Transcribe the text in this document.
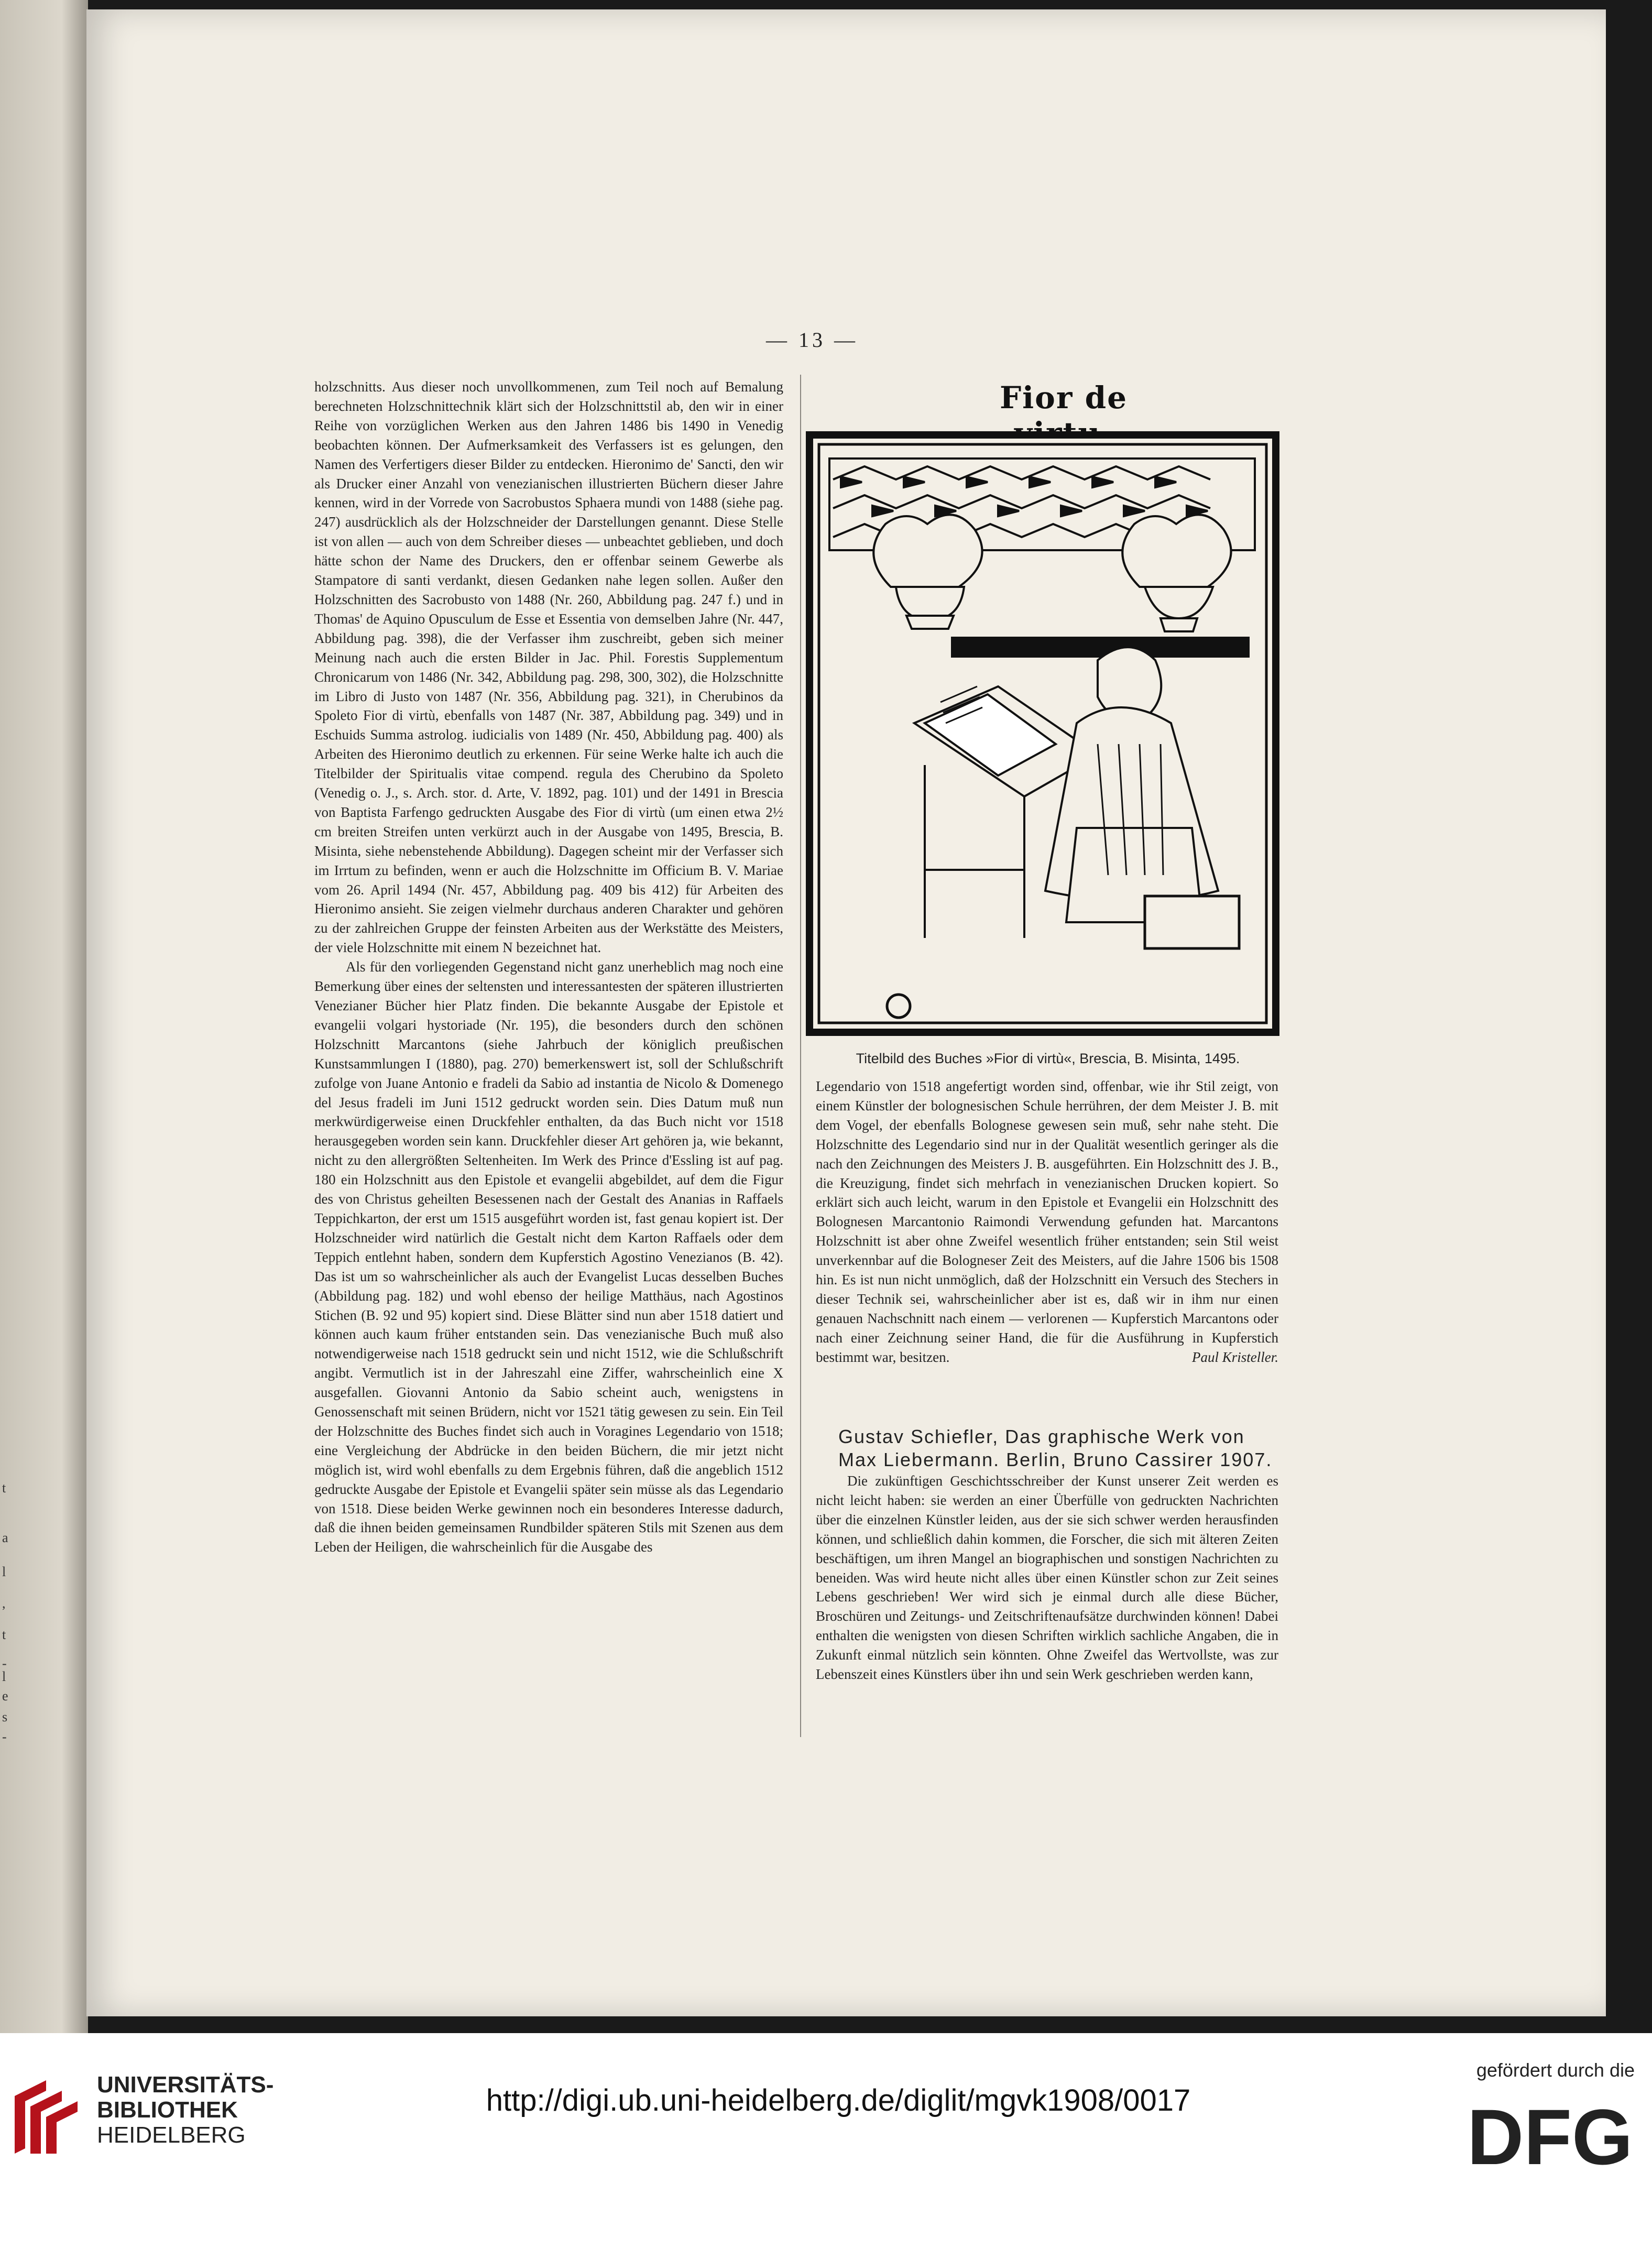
t
a
l
,
t
-
l
e
s
-
— 13 —

holzschnitts. Aus dieser noch unvollkommenen, zum Teil noch auf Bemalung berechneten Holzschnittechnik klärt sich der Holzschnittstil ab, den wir in einer Reihe von vorzüglichen Werken aus den Jahren 1486 bis 1490 in Venedig beobachten können. Der Aufmerksamkeit des Verfassers ist es gelungen, den Namen des Verfertigers dieser Bilder zu entdecken. Hieronimo de' Sancti, den wir als Drucker einer Anzahl von venezianischen illustrierten Büchern dieser Jahre kennen, wird in der Vorrede von Sacrobustos Sphaera mundi von 1488 (siehe pag. 247) ausdrücklich als der Holzschneider der Darstellungen genannt. Diese Stelle ist von allen — auch von dem Schreiber dieses — unbeachtet geblieben, und doch hätte schon der Name des Druckers, den er offenbar seinem Gewerbe als Stampatore di santi verdankt, diesen Gedanken nahe legen sollen. Außer den Holzschnitten des Sacrobusto von 1488 (Nr. 260, Abbildung pag. 247 f.) und in Thomas' de Aquino Opusculum de Esse et Essentia von demselben Jahre (Nr. 447, Abbildung pag. 398), die der Verfasser ihm zuschreibt, geben sich meiner Meinung nach auch die ersten Bilder in Jac. Phil. Forestis Supplementum Chronicarum von 1486 (Nr. 342, Abbildung pag. 298, 300, 302), die Holzschnitte im Libro di Justo von 1487 (Nr. 356, Abbildung pag. 321), in Cherubinos da Spoleto Fior di virtù, ebenfalls von 1487 (Nr. 387, Abbildung pag. 349) und in Eschuids Summa astrolog. iudicialis von 1489 (Nr. 450, Abbildung pag. 400) als Arbeiten des Hieronimo deutlich zu erkennen. Für seine Werke halte ich auch die Titelbilder der Spiritualis vitae compend. regula des Cherubino da Spoleto (Venedig o. J., s. Arch. stor. d. Arte, V. 1892, pag. 101) und der 1491 in Brescia von Baptista Farfengo gedruckten Ausgabe des Fior di virtù (um einen etwa 2½ cm breiten Streifen unten verkürzt auch in der Ausgabe von 1495, Brescia, B. Misinta, siehe nebenstehende Abbildung). Dagegen scheint mir der Verfasser sich im Irrtum zu befinden, wenn er auch die Holzschnitte im Officium B. V. Mariae vom 26. April 1494 (Nr. 457, Abbildung pag. 409 bis 412) für Arbeiten des Hieronimo ansieht. Sie zeigen vielmehr durchaus anderen Charakter und gehören zu der zahlreichen Gruppe der feinsten Arbeiten aus der Werkstätte des Meisters, der viele Holzschnitte mit einem N bezeichnet hat.

Als für den vorliegenden Gegenstand nicht ganz unerheblich mag noch eine Bemerkung über eines der seltensten und interessantesten der späteren illustrierten Venezianer Bücher hier Platz finden. Die bekannte Ausgabe der Epistole et evangelii volgari hystoriade (Nr. 195), die besonders durch den schönen Holzschnitt Marcantons (siehe Jahrbuch der königlich preußischen Kunstsammlungen I (1880), pag. 270) bemerkenswert ist, soll der Schlußschrift zufolge von Juane Antonio e fradeli da Sabio ad instantia de Nicolo & Domenego del Jesus fradeli im Juni 1512 gedruckt worden sein. Dies Datum muß nun merkwürdigerweise einen Druckfehler enthalten, da das Buch nicht vor 1518 herausgegeben worden sein kann. Druckfehler dieser Art gehören ja, wie bekannt, nicht zu den allergrößten Seltenheiten. Im Werk des Prince d'Essling ist auf pag. 180 ein Holzschnitt aus den Epistole et evangelii abgebildet, auf dem die Figur des von Christus geheilten Besessenen nach der Gestalt des Ananias in Raffaels Teppichkarton, der erst um 1515 ausgeführt worden ist, fast genau kopiert ist. Der Holzschneider wird natürlich die Gestalt nicht dem Karton Raffaels oder dem Teppich entlehnt haben, sondern dem Kupferstich Agostino Venezianos (B. 42). Das ist um so wahrscheinlicher als auch der Evangelist Lucas desselben Buches (Abbildung pag. 182) und wohl ebenso der heilige Matthäus, nach Agostinos Stichen (B. 92 und 95) kopiert sind. Diese Blätter sind nun aber 1518 datiert und können auch kaum früher entstanden sein. Das venezianische Buch muß also notwendigerweise nach 1518 gedruckt sein und nicht 1512, wie die Schlußschrift angibt. Vermutlich ist in der Jahreszahl eine Ziffer, wahrscheinlich eine X ausgefallen. Giovanni Antonio da Sabio scheint auch, wenigstens in Genossenschaft mit seinen Brüdern, nicht vor 1521 tätig gewesen zu sein. Ein Teil der Holzschnitte des Buches findet sich auch in Voragines Legendario von 1518; eine Vergleichung der Abdrücke in den beiden Büchern, die mir jetzt nicht möglich ist, wird wohl ebenfalls zu dem Ergebnis führen, daß die angeblich 1512 gedruckte Ausgabe der Epistole et Evangelii später sein müsse als das Legendario von 1518. Diese beiden Werke gewinnen noch ein besonderes Interesse dadurch, daß die ihnen beiden gemeinsamen Rundbilder späteren Stils mit Szenen aus dem Leben der Heiligen, die wahrscheinlich für die Ausgabe des

Fior de
Titelbild des Buches »Fior di virtù«, Brescia, B. Misinta, 1495.

Legendario von 1518 angefertigt worden sind, offenbar, wie ihr Stil zeigt, von einem Künstler der bolognesischen Schule herrühren, der dem Meister J. B. mit dem Vogel, der ebenfalls Bolognese gewesen sein muß, sehr nahe steht. Die Holzschnitte des Legendario sind nur in der Qualität wesentlich geringer als die nach den Zeichnungen des Meisters J. B. ausgeführten. Ein Holzschnitt des J. B., die Kreuzigung, findet sich mehrfach in venezianischen Drucken kopiert. So erklärt sich auch leicht, warum in den Epistole et Evangelii ein Holzschnitt des Bolognesen Marcantonio Raimondi Verwendung gefunden hat. Marcantons Holzschnitt ist aber ohne Zweifel wesentlich früher entstanden; sein Stil weist unverkennbar auf die Bologneser Zeit des Meisters, auf die Jahre 1506 bis 1508 hin. Es ist nun nicht unmöglich, daß der Holzschnitt ein Versuch des Stechers in dieser Technik sei, wahrscheinlicher aber ist es, daß wir in ihm nur einen genauen Nachschnitt nach einem — verlorenen — Kupferstich Marcantons oder nach einer Zeichnung seiner Hand, die für die Ausführung in Kupferstich bestimmt war, besitzen.	Paul Kristeller.

Gustav Schiefler, Das graphische Werk von
Max Liebermann. Berlin, Bruno Cassirer 1907.

Die zukünftigen Geschichtsschreiber der Kunst unserer Zeit werden es nicht leicht haben: sie werden an einer Überfülle von gedruckten Nachrichten über die einzelnen Künstler leiden, aus der sie sich schwer werden herausfinden können, und schließlich dahin kommen, die Forscher, die sich mit älteren Zeiten beschäftigen, um ihren Mangel an biographischen und sonstigen Nachrichten zu beneiden. Was wird heute nicht alles über einen Künstler schon zur Zeit seines Lebens geschrieben! Wer wird sich je einmal durch alle diese Bücher, Broschüren und Zeitungs- und Zeitschriftenaufsätze durchwinden können! Dabei enthalten die wenigsten von diesen Schriften wirklich sachliche Angaben, die in Zukunft einmal nützlich sein könnten. Ohne Zweifel das Wertvollste, was zur Lebenszeit eines Künstlers über ihn und sein Werk geschrieben werden kann,

UNIVERSITÄTS-
BIBLIOTHEK
HEIDELBERG
http://digi.ub.uni-heidelberg.de/diglit/mgvk1908/0017
gefördert durch die
DFG
